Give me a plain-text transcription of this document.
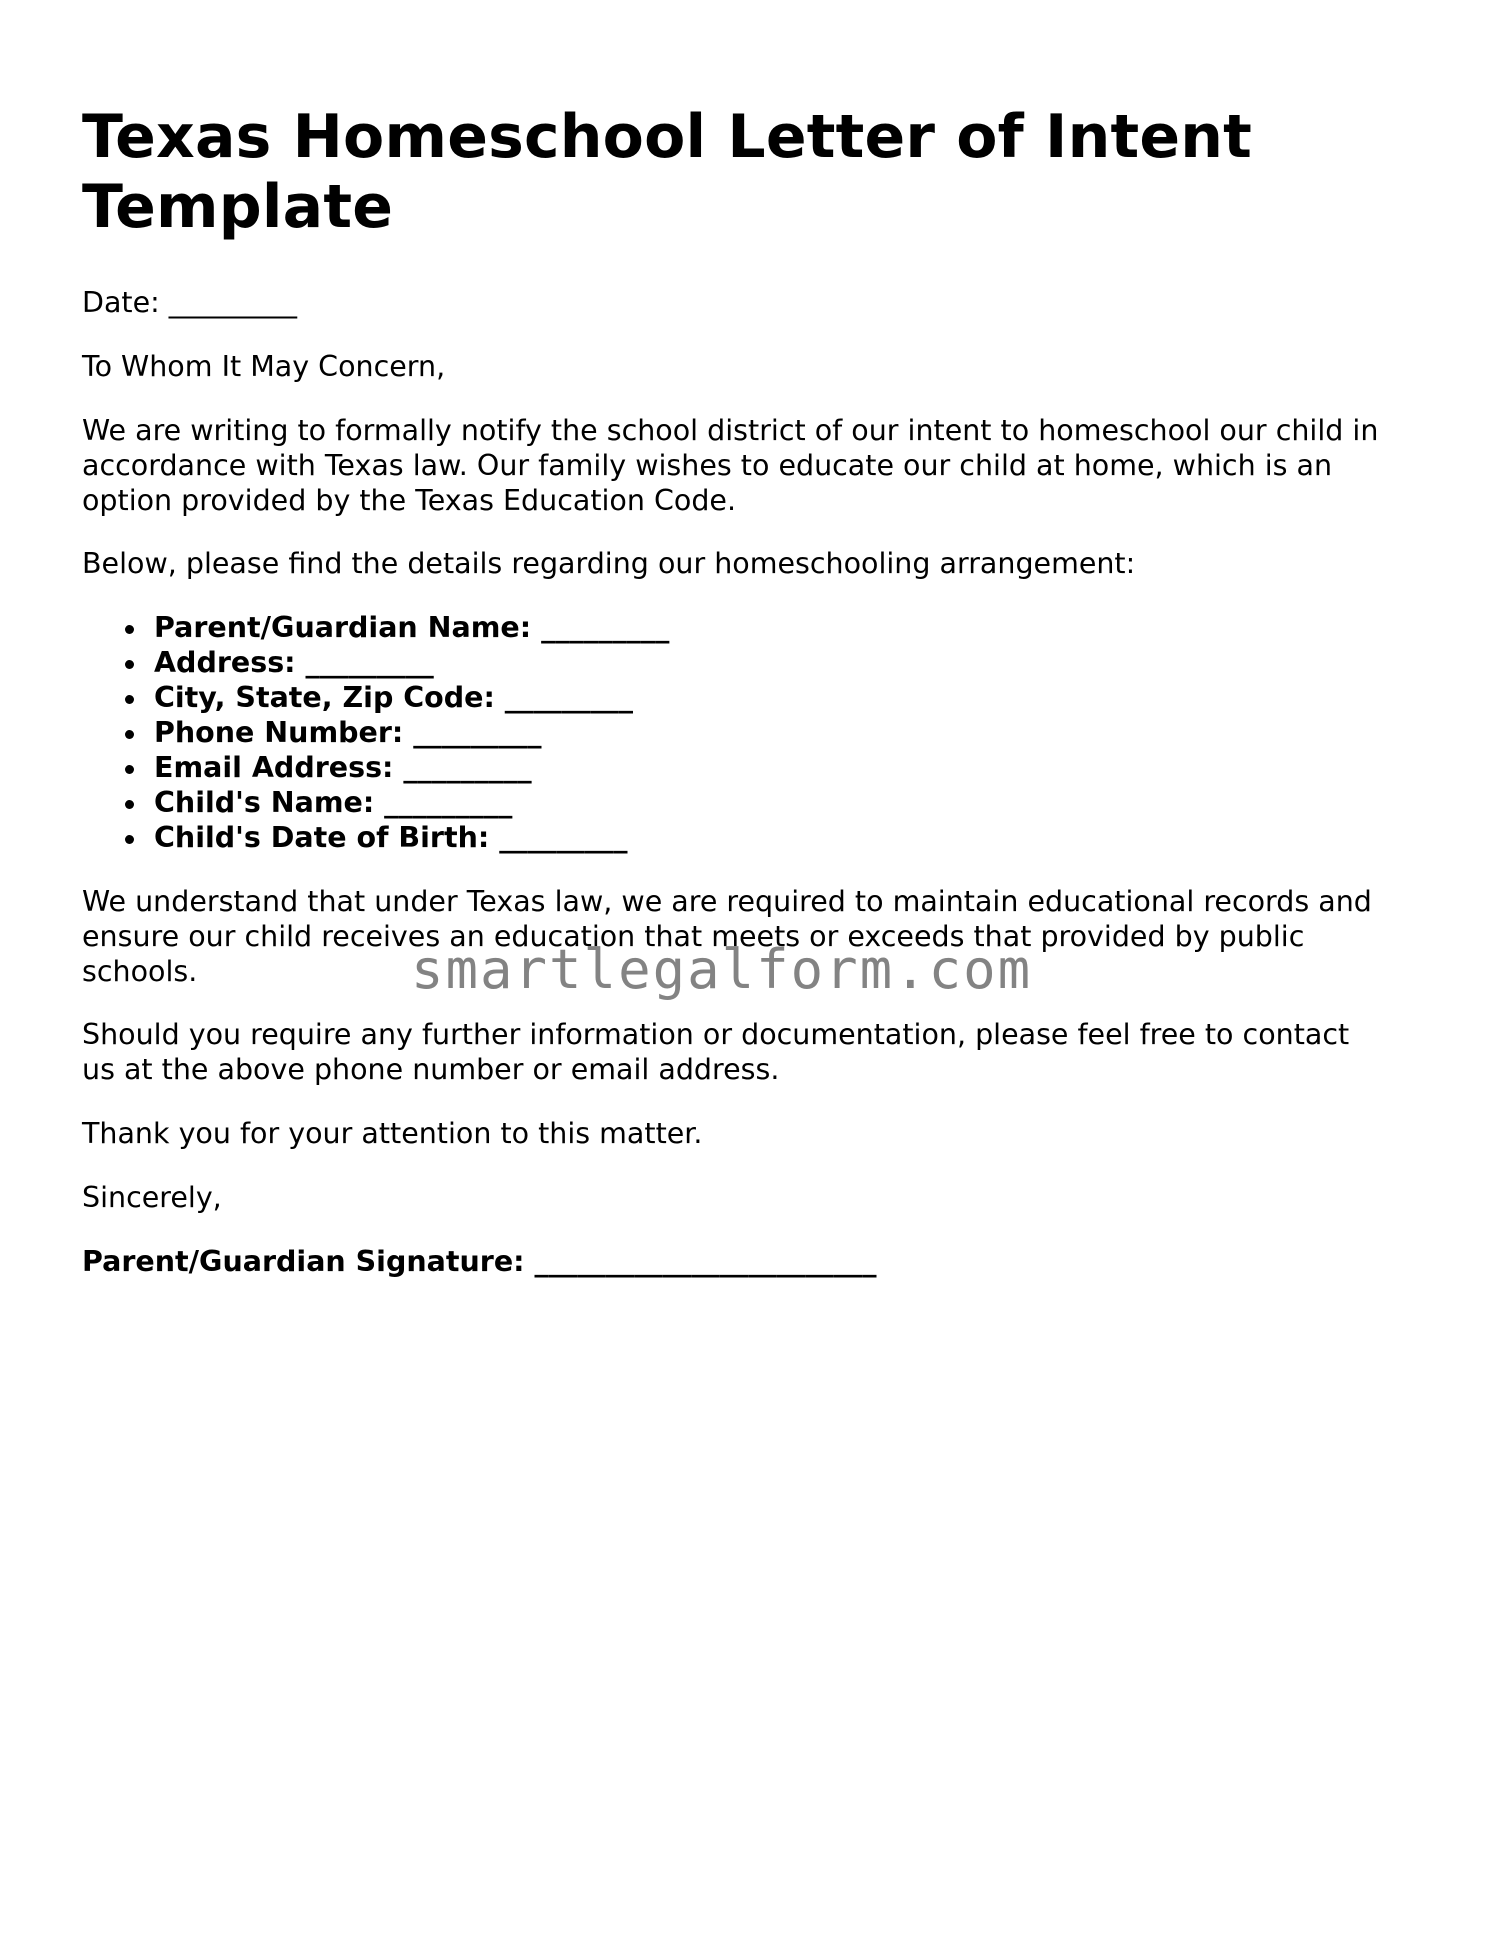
Texas Homeschool Letter of Intent Template

Date: _________

To Whom It May Concern,

We are writing to formally notify the school district of our intent to homeschool our child in
accordance with Texas law. Our family wishes to educate our child at home, which is an
option provided by the Texas Education Code.

Below, please find the details regarding our homeschooling arrangement:

Parent/Guardian Name: _________
Address: _________
City, State, Zip Code: _________
Phone Number: _________
Email Address: _________
Child's Name: _________
Child's Date of Birth: _________
We understand that under Texas law, we are required to maintain educational records and
ensure our child receives an education that meets or exceeds that provided by public
schools.
Should you require any further information or documentation, please feel free to contact
us at the above phone number or email address.

Thank you for your attention to this matter.

Sincerely,

Parent/Guardian Signature: ________________________

smartlegalform.com
